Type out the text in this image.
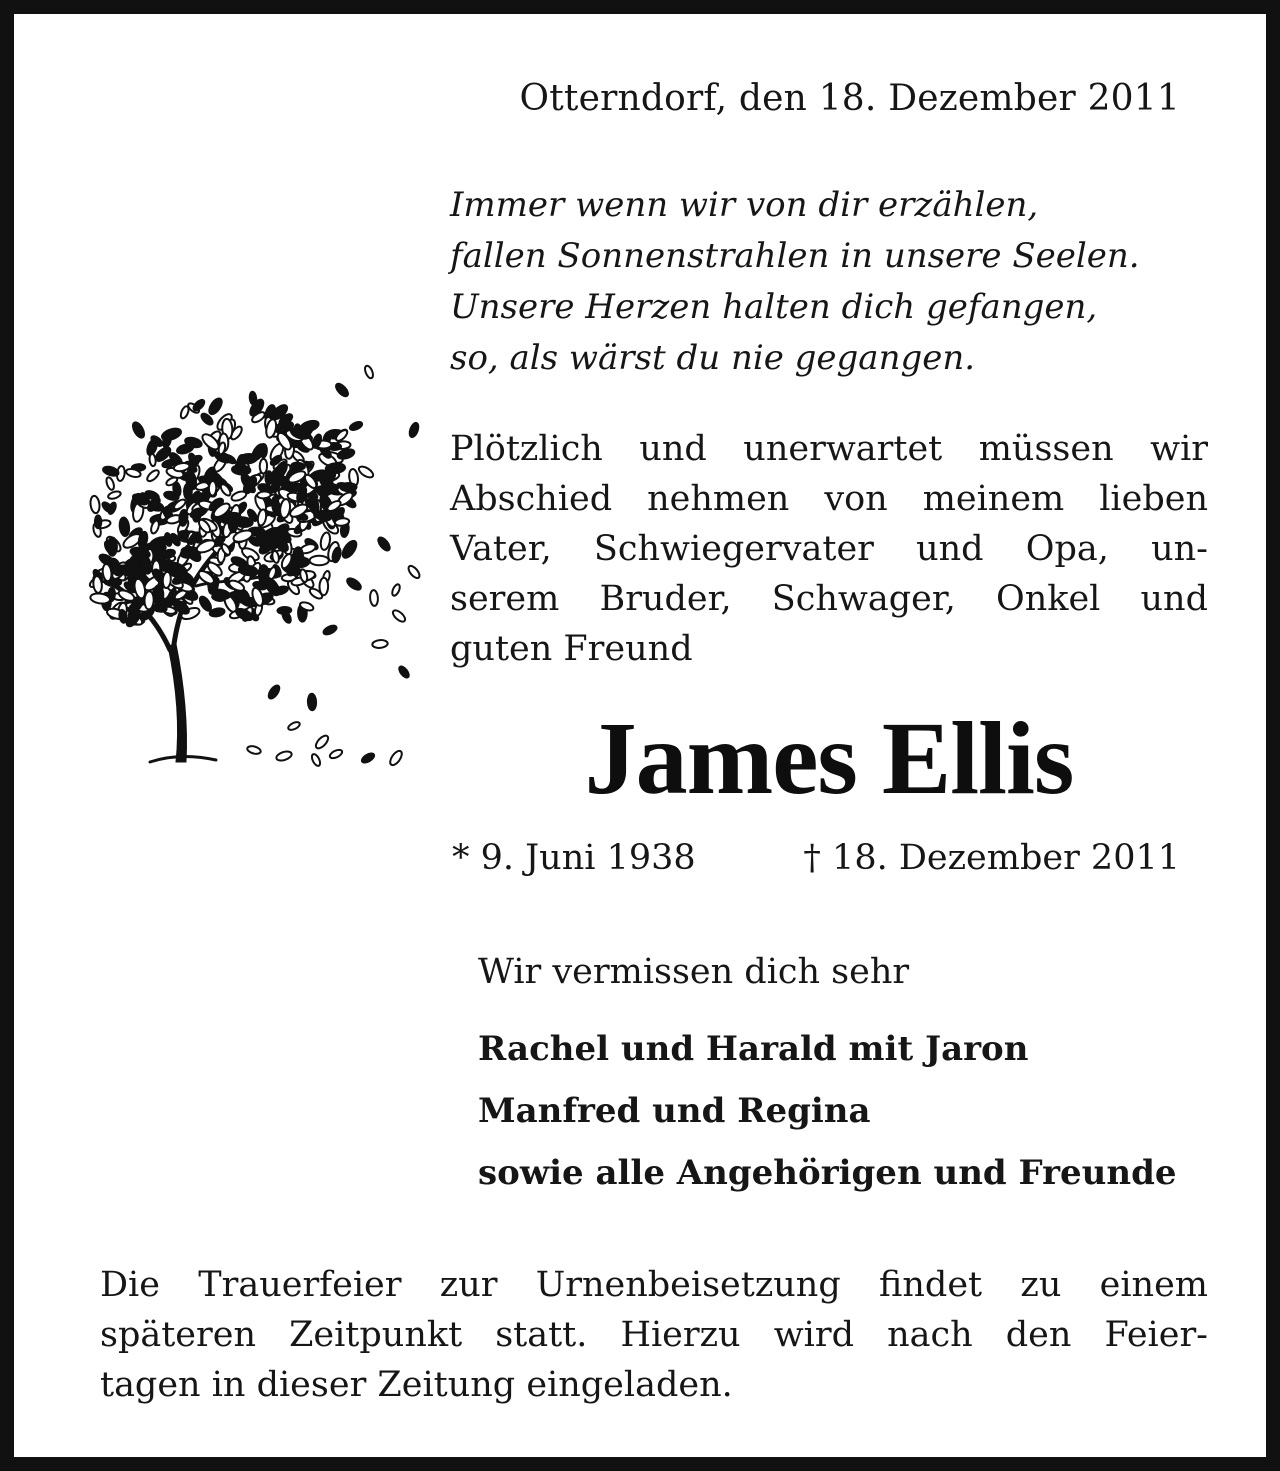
Otterndorf, den 18. Dezember 2011
Immer wenn wir von dir erzählen,
fallen Sonnenstrahlen in unsere Seelen.
Unsere Herzen halten dich gefangen,
so, als wärst du nie gegangen.
Plötzlich und unerwartet müssen wir
Abschied nehmen von meinem lieben
Vater, Schwiegervater und Opa, un-
serem Bruder, Schwager, Onkel und
guten Freund
James Ellis
* 9. Juni 1938	† 18. Dezember 2011
Wir vermissen dich sehr
Rachel und Harald mit Jaron
Manfred und Regina
sowie alle Angehörigen und Freunde
Die Trauerfeier zur Urnenbeisetzung findet zu einem
späteren Zeitpunkt statt. Hierzu wird nach den Feier-
tagen in dieser Zeitung eingeladen.
